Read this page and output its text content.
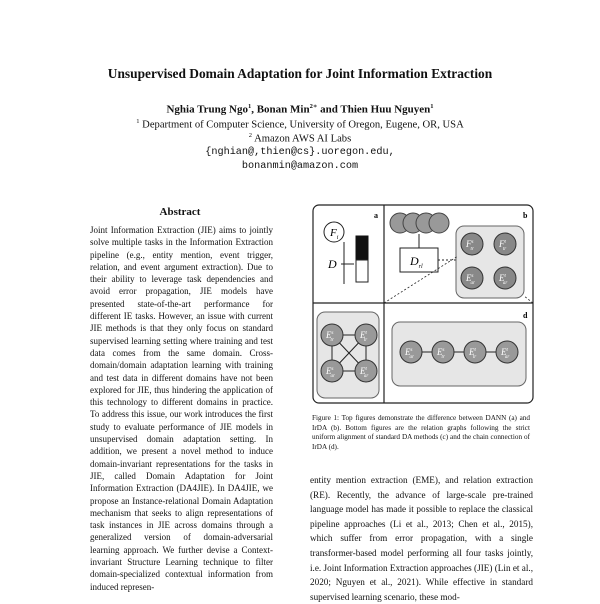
Unsupervised Domain Adaptation for Joint Information Extraction
Nghia Trung Ngo$^1$, Bonan Min$^{2∗}$ and Thien Huu Nguyen$^1$
$^1$ Department of Computer Science, University of Oregon, Eugene, OR, USA
$^2$ Amazon AWS AI Labs
{nghian@,thien@cs}.uoregon.edu,
bonanmin@amazon.com
Abstract
Joint Information Extraction (JIE) aims to jointly solve multiple tasks in the Information Extraction pipeline (e.g., entity mention, event trigger, relation, and event argument extraction). Due to their ability to leverage task dependencies and avoid error propagation, JIE models have presented state-of-the-art performance for different IE tasks. However, an issue with current JIE methods is that they only focus on standard supervised learning setting where training and test data comes from the same domain. Cross-domain/domain adaptation learning with training and test data in different domains have not been explored for JIE, thus hindering the application of this technology to different domains in practice. To address this issue, our work introduces the first study to evaluate performance of JIE models in unsupervised domain adaptation setting. In addition, we present a novel method to induce domain-invariant representations for the tasks in JIE, called Domain Adaptation for Joint Information Extraction (DA4JIE). In DA4JIE, we propose an Instance-relational Domain Adaptation mechanism that seeks to align representations of task instances in JIE across domains through a generalized version of domain-adversarial learning approach. We further devise a Context-invariant Structure Learning technique to filter domain-specialized contextual information from induced represen-
a	b
d
$F_i$
D	$D_{rl}$
$F^s$ tr
$F^t$ tr
$E^s$ ar
$E^t$ ar
$E^s$ tr
$E^t$ tr
$E^s$ ar
$E^t$ ar
$E^s$ ar
$E^s$ tr
$E^t$ tr
$E^t$ ar
Figure 1: Top figures demonstrate the difference between DANN (a) and IrDA (b). Bottom figures are the relation graphs following the strict uniform alignment of standard DA methods (c) and the chain connection of IrDA (d).
entity mention extraction (EME), and relation extraction (RE). Recently, the advance of large-scale pre-trained language model has made it possible to replace the classical pipeline approaches (Li et al., 2013; Chen et al., 2015), which suffer from error propagation, with a single transformer-based model performing all four tasks jointly, i.e. Joint Information Extraction approaches (JIE) (Lin et al., 2020; Nguyen et al., 2021). While effective in standard supervised learning scenario, these mod-
